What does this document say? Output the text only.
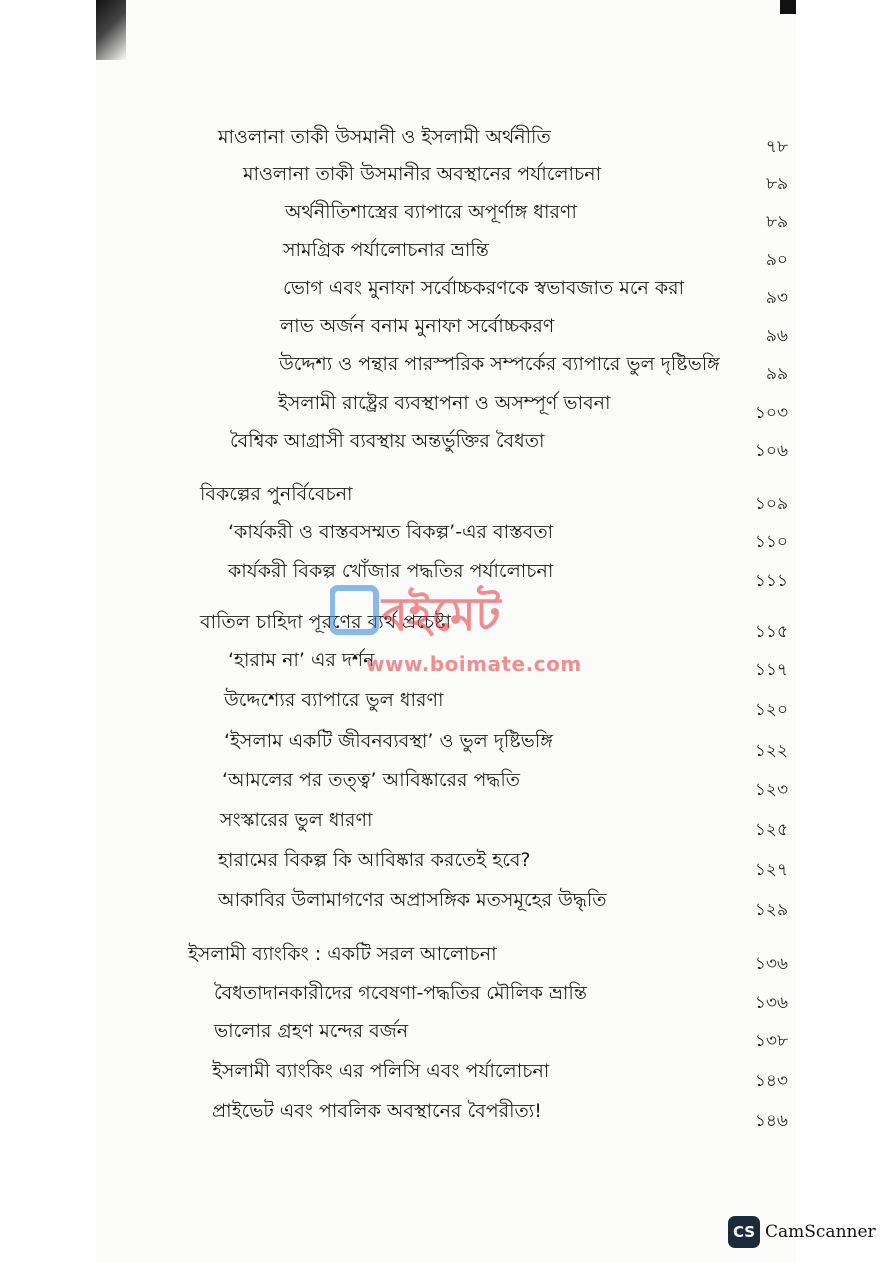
মাওলানা তাকী উসমানী ও ইসলামী অর্থনীতি	৭৮
মাওলানা তাকী উসমানীর অবস্থানের পর্যালোচনা	৮৯
অর্থনীতিশাস্ত্রের ব্যাপারে অপূর্ণাঙ্গ ধারণা	৮৯
সামগ্রিক পর্যালোচনার ভ্রান্তি	৯০
ভোগ এবং মুনাফা সর্বোচ্চকরণকে স্বভাবজাত মনে করা	৯৩
লাভ অর্জন বনাম মুনাফা সর্বোচ্চকরণ	৯৬
উদ্দেশ্য ও পন্থার পারস্পরিক সম্পর্কের ব্যাপারে ভুল দৃষ্টিভঙ্গি	৯৯
ইসলামী রাষ্ট্রের ব্যবস্থাপনা ও অসম্পূর্ণ ভাবনা	১০৩
বৈশ্বিক আগ্রাসী ব্যবস্থায় অন্তর্ভুক্তির বৈধতা	১০৬
বিকল্পের পুনর্বিবেচনা	১০৯
‘কার্যকরী ও বাস্তবসম্মত বিকল্প’-এর বাস্তবতা	১১০
কার্যকরী বিকল্প খোঁজার পদ্ধতির পর্যালোচনা	১১১
বাতিল চাহিদা পূরণের ব্যর্থ প্রচেষ্টা	১১৫
‘হারাম না’ এর দর্শন	১১৭
উদ্দেশ্যের ব্যাপারে ভুল ধারণা	১২০
‘ইসলাম একটি জীবনব্যবস্থা’ ও ভুল দৃষ্টিভঙ্গি	১২২
‘আমলের পর তত্ত্ব’ আবিষ্কারের পদ্ধতি	১২৩
সংস্কারের ভুল ধারণা	১২৫
হারামের বিকল্প কি আবিষ্কার করতেই হবে?	১২৭
আকাবির উলামাগণের অপ্রাসঙ্গিক মতসমূহের উদ্ধৃতি	১২৯
ইসলামী ব্যাংকিং : একটি সরল আলোচনা	১৩৬
বৈধতাদানকারীদের গবেষণা-পদ্ধতির মৌলিক ভ্রান্তি	১৩৬
ভালোর গ্রহণ মন্দের বর্জন	১৩৮
ইসলামী ব্যাংকিং এর পলিসি এবং পর্যালোচনা	১৪৩
প্রাইভেট এবং পাবলিক অবস্থানের বৈপরীত্য!	১৪৬
বইমেট
www.boimate.com
CS CamScanner
